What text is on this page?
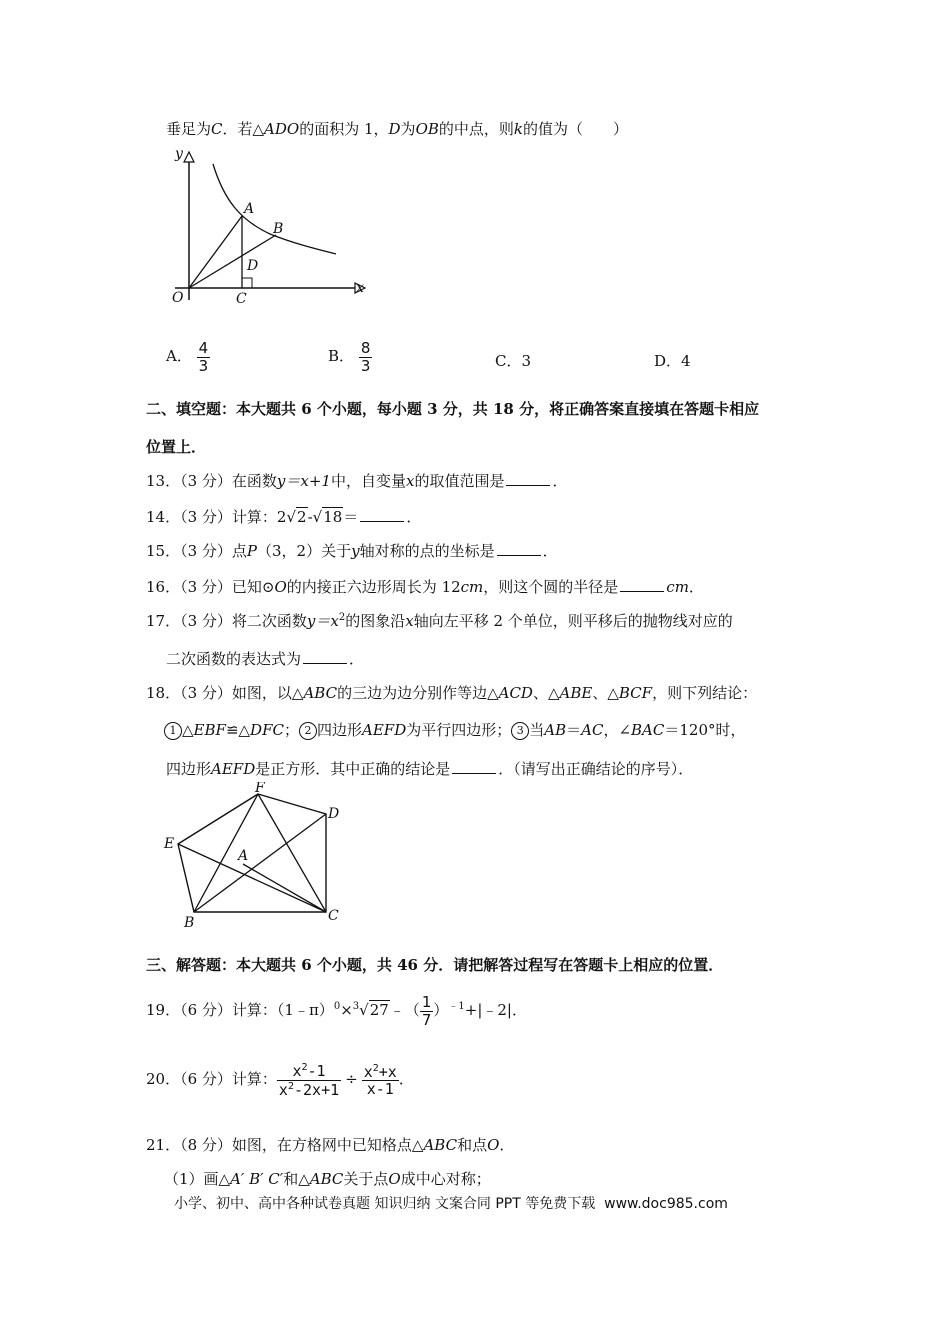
垂足为C．若△ADO的面积为 1，D为OB的中点，则k的值为（　　）
y
x
O
A
B
C
D
A． $\frac{4}{3}$	B． $\frac{8}{3}$	C．3	D．4
二、填空题：本大题共 6 个小题，每小题 3 分，共 18 分，将正确答案直接填在答题卡相应
位置上．
13．（3 分）在函数y＝x+1中，自变量x的取值范围是	．
14．（3 分）计算：2√2-√18＝	．
15．（3 分）点P（3，2）关于y轴对称的点的坐标是	．
16．（3 分）已知⊙O的内接正六边形周长为 12cm，则这个圆的半径是	cm．
17．（3 分）将二次函数$y=x^2$的图象沿x轴向左平移 2 个单位，则平移后的抛物线对应的
二次函数的表达式为	．
18．（3 分）如图，以△ABC的三边为边分别作等边△ACD、△ABE、△BCF，则下列结论：
1 △EBF≌△DFC； 2 四边形AEFD为平行四边形； 3 当AB＝AC，∠BAC＝120°时，
四边形AEFD是正方形．其中正确的结论是	．（请写出正确结论的序号）．
F
D
E
A
B	C
三、解答题：本大题共 6 个小题，共 46 分．请把解答过程写在答题卡上相应的位置．
19．（6 分）计算：（1﹣π）$^0$×$^3$√27﹣（ $\frac{1}{7}$ ）$^{﹣1}$+|﹣2|．
20．（6 分）计算： $\frac{x^2-1}{x^2-2x+1} \div \frac{x^2+x}{x-1}$ ．
21．（8 分）如图，在方格网中已知格点△ABC和点O．
（1）画△A′ B′ C′和△ABC关于点O成中心对称；
小学、初中、高中各种试卷真题 知识归纳 文案合同 PPT 等免费下载 www.doc985.com
